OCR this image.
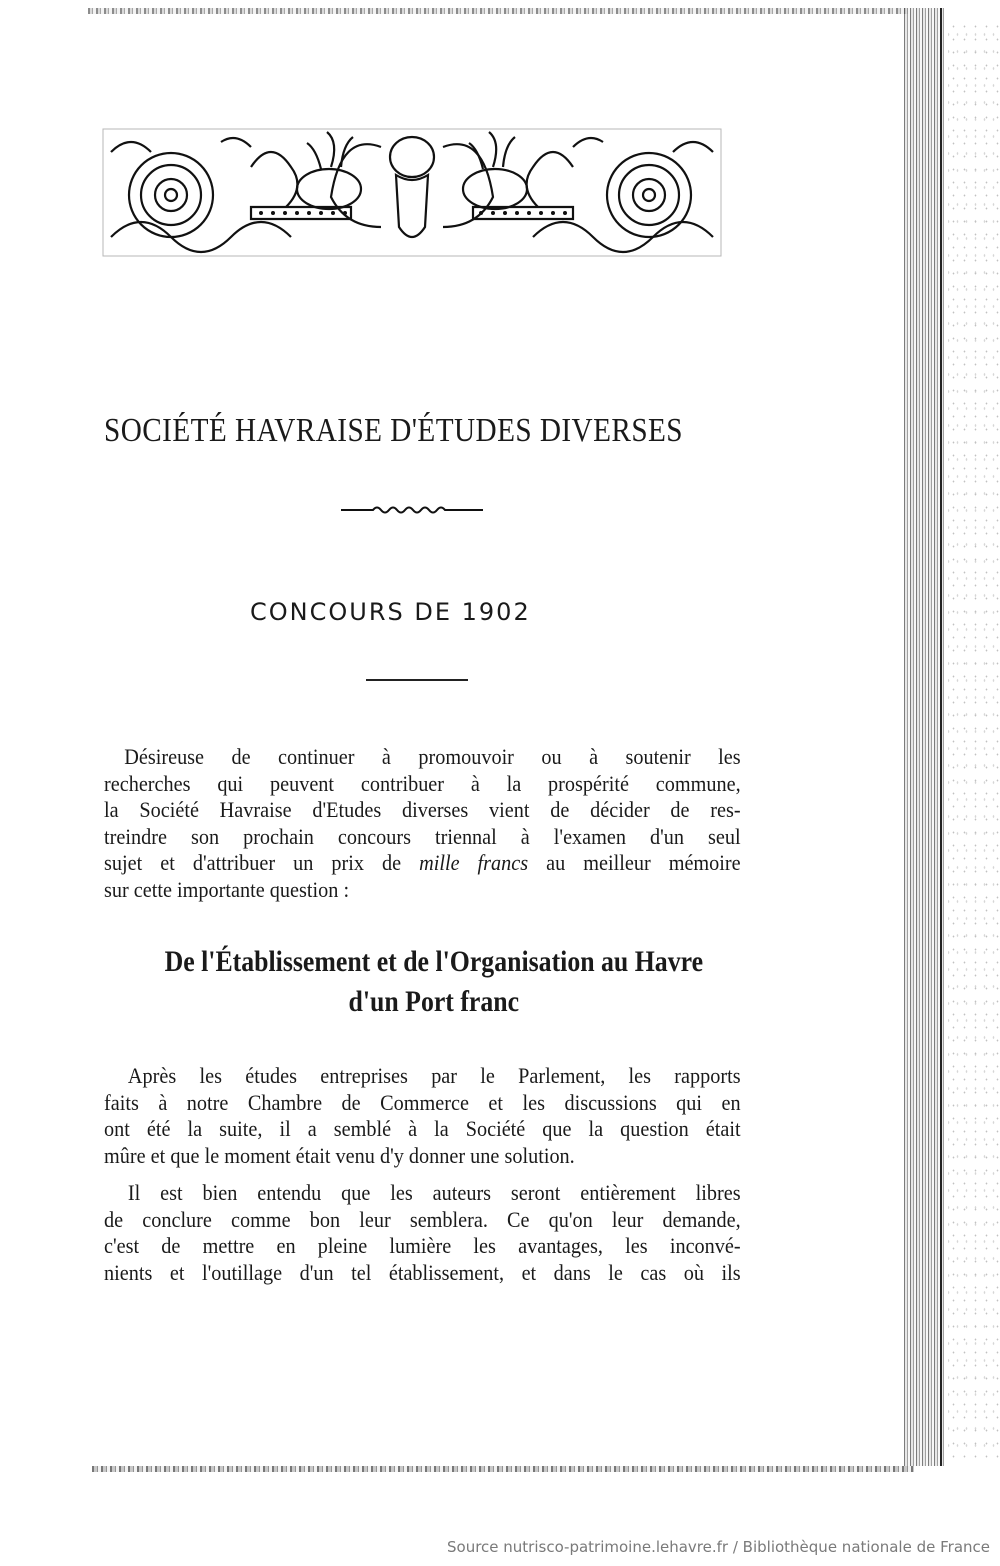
SOCIÉTÉ HAVRAISE D'ÉTUDES DIVERSES
CONCOURS DE 1902
Désireuse de continuer à promouvoir ou à soutenir les
recherches qui peuvent contribuer à la prospérité commune,
la Société Havraise d'Etudes diverses vient de décider de res-
treindre son prochain concours triennal à l'examen d'un seul
sujet et d'attribuer un prix de mille francs au meilleur mémoire
sur cette importante question :
De l'Établissement et de l'Organisation au Havre
d'un Port franc
Après les études entreprises par le Parlement, les rapports
faits à notre Chambre de Commerce et les discussions qui en
ont été la suite, il a semblé à la Société que la question était
mûre et que le moment était venu d'y donner une solution.
Il est bien entendu que les auteurs seront entièrement libres
de conclure comme bon leur semblera. Ce qu'on leur demande,
c'est de mettre en pleine lumière les avantages, les inconvé-
nients et l'outillage d'un tel établissement, et dans le cas où ils
Source nutrisco-patrimoine.lehavre.fr / Bibliothèque nationale de France
